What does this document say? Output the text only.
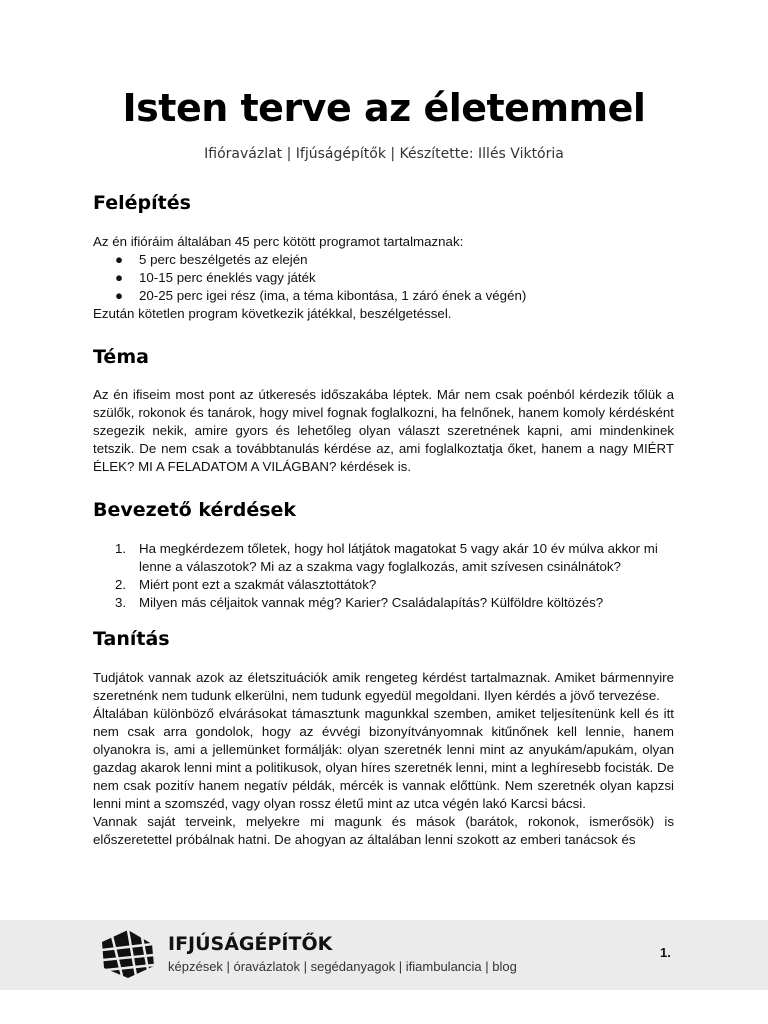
Isten terve az életemmel
Ifióravázlat | Ifjúságépítők | Készítette: Illés Viktória
Felépítés

Az én ifióráim általában 45 perc kötött programot tartalmaznak:

● 5 perc beszélgetés az elején
● 10-15 perc éneklés vagy játék
● 20-25 perc igei rész (ima, a téma kibontása, 1 záró ének a végén)

Ezután kötetlen program következik játékkal, beszélgetéssel.

Téma

Az én ifiseim most pont az útkeresés időszakába léptek. Már nem csak poénból kérdezik tőlük a szülők, rokonok és tanárok, hogy mivel fognak foglalkozni, ha felnőnek, hanem komoly kérdésként szegezik nekik, amire gyors és lehetőleg olyan választ szeretnének kapni, ami mindenkinek tetszik. De nem csak a továbbtanulás kérdése az, ami foglalkoztatja őket, hanem a nagy MIÉRT ÉLEK? MI A FELADATOM A VILÁGBAN? kérdések is.

Bevezető kérdések
1. Ha megkérdezem tőletek, hogy hol látjátok magatokat 5 vagy akár 10 év múlva akkor mi lenne a válaszotok? Mi az a szakma vagy foglalkozás, amit szívesen csinálnátok?
2. Miért pont ezt a szakmát választottátok?
3. Milyen más céljaitok vannak még? Karier? Családalapítás? Külföldre költözés?
Tanítás

Tudjátok vannak azok az életszituációk amik rengeteg kérdést tartalmaznak. Amiket bármennyire szeretnénk nem tudunk elkerülni, nem tudunk egyedül megoldani. Ilyen kérdés a jövő tervezése.

Általában különböző elvárásokat támasztunk magunkkal szemben, amiket teljesítenünk kell és itt nem csak arra gondolok, hogy az évvégi bizonyítványomnak kitűnőnek kell lennie, hanem olyanokra is, ami a jellemünket formálják: olyan szeretnék lenni mint az anyukám/apukám, olyan gazdag akarok lenni mint a politikusok, olyan híres szeretnék lenni, mint a leghíresebb focisták. De nem csak pozitív hanem negatív példák, mércék is vannak előttünk. Nem szeretnék olyan kapzsi lenni mint a szomszéd, vagy olyan rossz életű mint az utca végén lakó Karcsi bácsi.

Vannak saját terveink, melyekre mi magunk és mások (barátok, rokonok, ismerősök) is előszeretettel próbálnak hatni. De ahogyan az általában lenni szokott az emberi tanácsok és

IFJÚSÁGÉPÍTŐK
képzések | óravázlatok | segédanyagok | ifiambulancia | blog
1.
